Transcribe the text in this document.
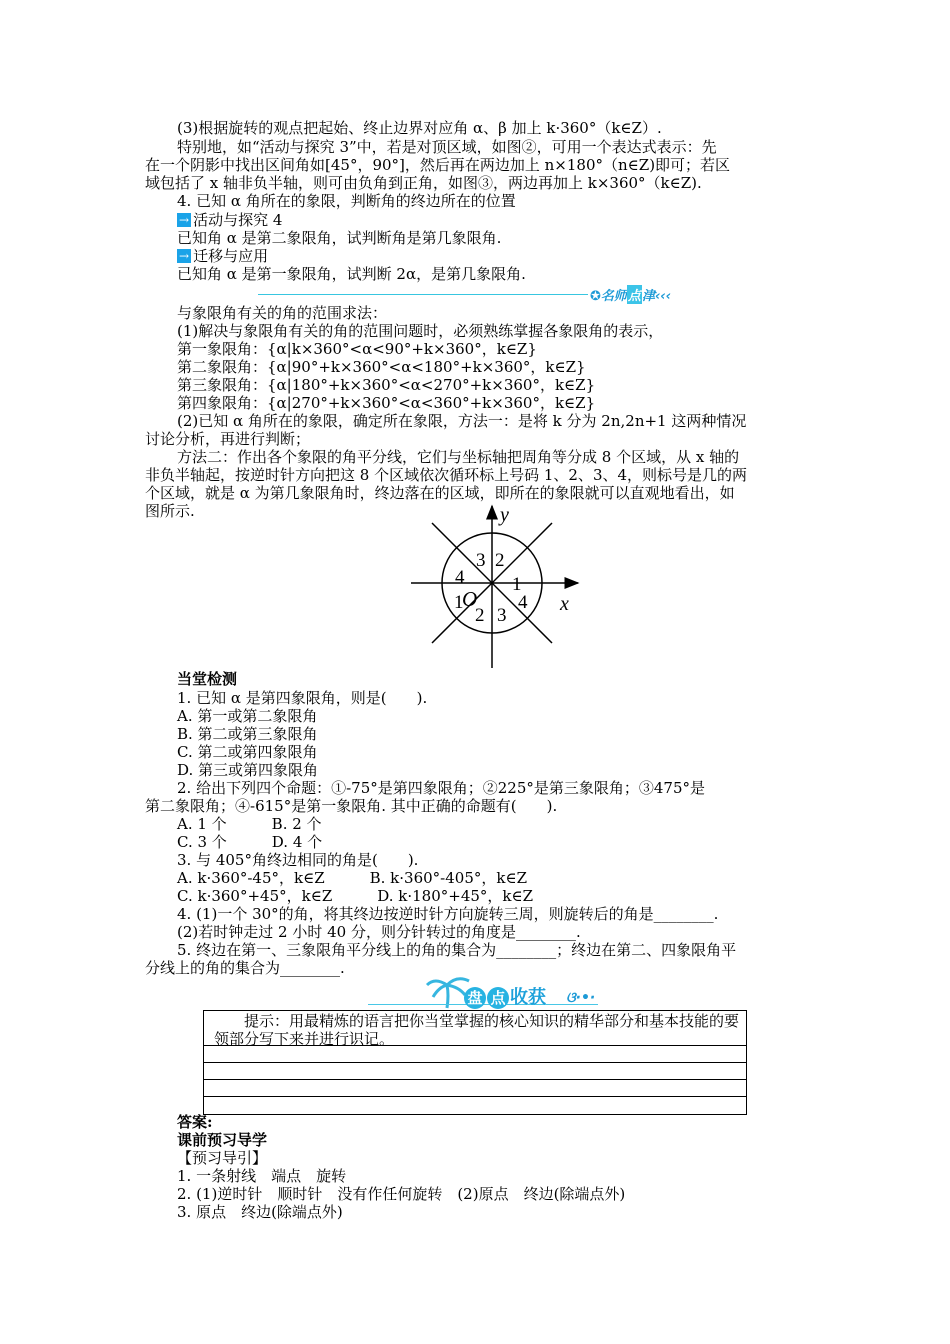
(3)根据旋转的观点把起始、终止边界对应角 α、β 加上 k·360°（k∈Z）.
特别地，如“活动与探究 3”中，若是对顶区域，如图②，可用一个表达式表示：先
在一个阴影中找出区间角如[45°，90°]，然后再在两边加上 n×180°（n∈Z)即可；若区
域包括了 x 轴非负半轴，则可由负角到正角，如图③，两边再加上 k×360°（k∈Z).
4. 已知 α 角所在的象限，判断角的终边所在的位置
→ 活动与探究 4
已知角 α 是第二象限角，试判断角是第几象限角.
→ 迁移与应用
已知角 α 是第一象限角，试判断 2α，是第几象限角.
✪名师点津‹‹‹
与象限角有关的角的范围求法：
(1)解决与象限角有关的角的范围问题时，必须熟练掌握各象限角的表示，
第一象限角：{α|k×360°<α<90°+k×360°，k∈Z}
第二象限角：{α|90°+k×360°<α<180°+k×360°，k∈Z}
第三象限角：{α|180°+k×360°<α<270°+k×360°，k∈Z}
第四象限角：{α|270°+k×360°<α<360°+k×360°，k∈Z}
(2)已知 α 角所在的象限，确定所在象限，方法一：是将 k 分为 2n,2n+1 这两种情况
讨论分析，再进行判断；
方法二：作出各个象限的角平分线，它们与坐标轴把周角等分成 8 个区域，从 x 轴的
非负半轴起，按逆时针方向把这 8 个区域依次循环标上号码 1、2、3、4，则标号是几的两
个区域，就是 α 为第几象限角时，终边落在的区域，即所在的象限就可以直观地看出，如
图所示.
1
2
3
4
1
2 3
4
O	x
y
当堂检测
1. 已知 α 是第四象限角，则是(　　).
A. 第一或第二象限角
B. 第二或第三象限角
C. 第二或第四象限角
D. 第三或第四象限角
2. 给出下列四个命题：①-75°是第四象限角；②225°是第三象限角；③475°是
第二象限角；④-615°是第一象限角. 其中正确的命题有(　　).
A. 1 个　　　B. 2 个
C. 3 个　　　D. 4 个
3. 与 405°角终边相同的角是(　　).
A. k·360°-45°，k∈Z　　　B. k·360°-405°，k∈Z
C. k·360°+45°，k∈Z　　　D. k·180°+45°，k∈Z
4. (1)一个 30°的角，将其终边按逆时针方向旋转三周，则旋转后的角是________.
(2)若时钟走过 2 小时 40 分，则分针转过的角度是________.
5. 终边在第一、三象限角平分线上的角的集合为________；终边在第二、四象限角平
分线上的角的集合为________.
盘 点 收获 ଓ·•·
提示：用最精炼的语言把你当堂掌握的核心知识的精华部分和基本技能的要领部分写下来并进行识记。
答案:
课前预习导学
【预习导引】
1. 一条射线　端点　旋转
2. (1)逆时针　顺时针　没有作任何旋转　(2)原点　终边(除端点外)
3. 原点　终边(除端点外)
